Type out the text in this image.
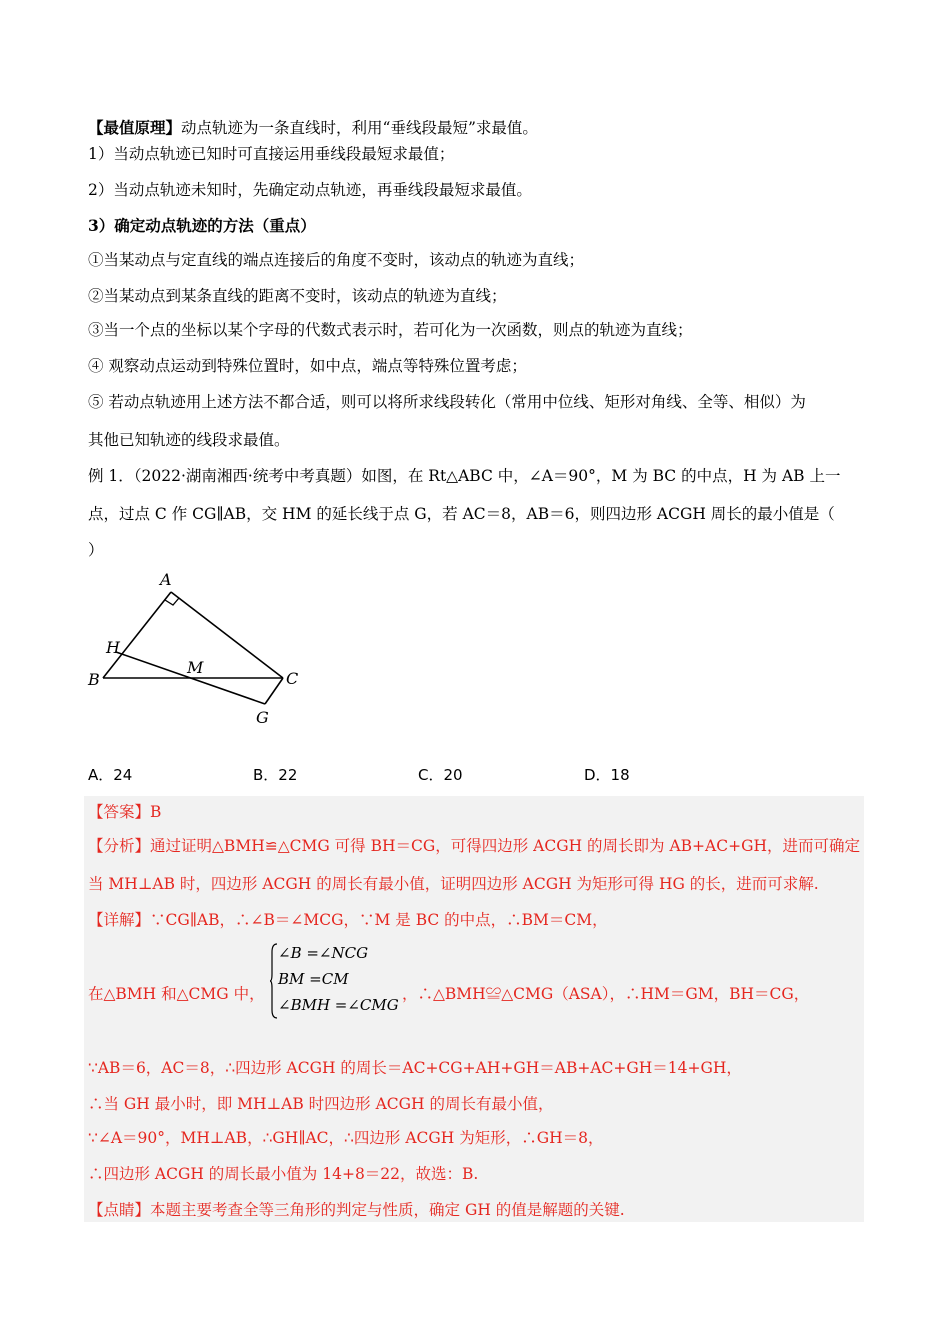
【最值原理】动点轨迹为一条直线时，利用“垂线段最短”求最值。
1）当动点轨迹已知时可直接运用垂线段最短求最值；
2）当动点轨迹未知时，先确定动点轨迹，再垂线段最短求最值。
3）确定动点轨迹的方法（重点）
①当某动点与定直线的端点连接后的角度不变时，该动点的轨迹为直线；
②当某动点到某条直线的距离不变时，该动点的轨迹为直线；
③当一个点的坐标以某个字母的代数式表示时，若可化为一次函数，则点的轨迹为直线；
④ 观察动点运动到特殊位置时，如中点，端点等特殊位置考虑；
⑤ 若动点轨迹用上述方法不都合适，则可以将所求线段转化（常用中位线、矩形对角线、全等、相似）为
其他已知轨迹的线段求最值。
例 1．（2022·湖南湘西·统考中考真题）如图，在 Rt△ABC 中，∠A＝90°，M 为 BC 的中点，H 为 AB 上一
点，过点 C 作 CG∥AB，交 HM 的延长线于点 G，若 AC＝8，AB＝6，则四边形 ACGH 周长的最小值是（
）
A
B	C
G
H
M
A．24	B．22	C．20	D．18
【答案】B
【分析】通过证明△BMH≌△CMG 可得 BH＝CG，可得四边形 ACGH 的周长即为 AB+AC+GH，进而可确定
当 MH⊥AB 时，四边形 ACGH 的周长有最小值，证明四边形 ACGH 为矩形可得 HG 的长，进而可求解.
【详解】∵CG∥AB，∴∠B＝∠MCG，∵M 是 BC 的中点，∴BM＝CM，
在△BMH 和△CMG 中，
∠B =∠NCG
BM =CM
∠BMH =∠CMG
，∴△BMH≌△CMG（ASA），∴HM＝GM，BH＝CG，
∵AB＝6，AC＝8，∴四边形 ACGH 的周长＝AC+CG+AH+GH＝AB+AC+GH＝14+GH，
∴当 GH 最小时，即 MH⊥AB 时四边形 ACGH 的周长有最小值，
∵∠A＝90°，MH⊥AB，∴GH∥AC，∴四边形 ACGH 为矩形，∴GH＝8，
∴四边形 ACGH 的周长最小值为 14+8＝22，故选：B.
【点睛】本题主要考查全等三角形的判定与性质，确定 GH 的值是解题的关键.
